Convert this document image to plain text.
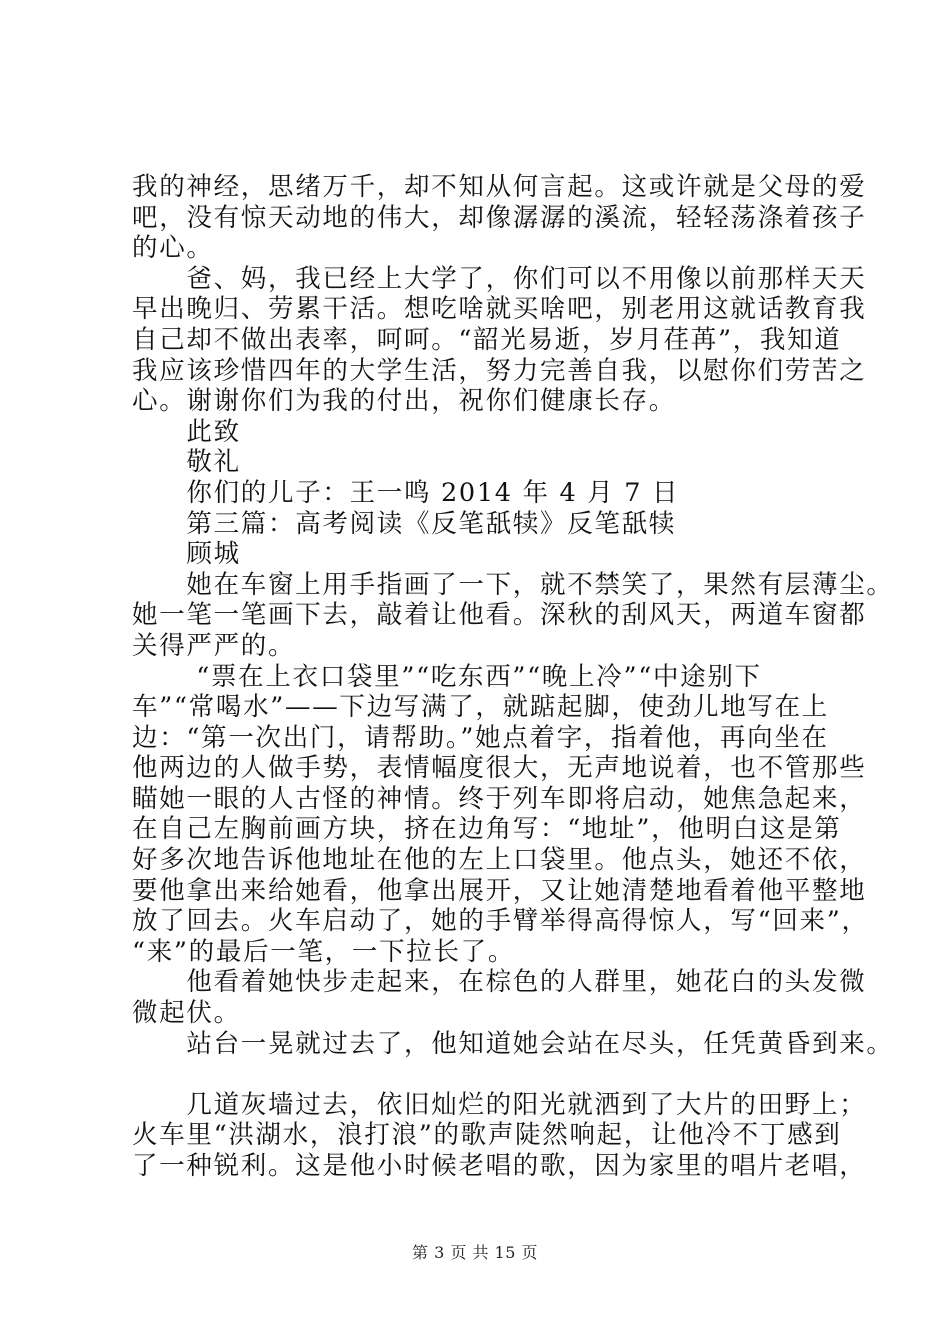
我的神经，思绪万千，却不知从何言起。这或许就是父母的爱
吧，没有惊天动地的伟大，却像潺潺的溪流，轻轻荡涤着孩子
的心。
　　爸、妈，我已经上大学了，你们可以不用像以前那样天天
早出晚归、劳累干活。想吃啥就买啥吧，别老用这就话教育我
自己却不做出表率，呵呵。“韶光易逝，岁月荏苒”，我知道
我应该珍惜四年的大学生活，努力完善自我，以慰你们劳苦之
心。谢谢你们为我的付出，祝你们健康长存。
　　此致
　　敬礼
　　你们的儿子：王一鸣 2014 年 4 月 7 日
　　第三篇：高考阅读《反笔舐犊》反笔舐犊
　　顾城
　　她在车窗上用手指画了一下，就不禁笑了，果然有层薄尘。
她一笔一笔画下去，敲着让他看。深秋的刮风天，两道车窗都
关得严严的。
　　 “票在上衣口袋里”“吃东西”“晚上冷”“中途别下
车”“常喝水”——下边写满了，就踮起脚，使劲儿地写在上
边：“第一次出门，请帮助。”她点着字，指着他，再向坐在
他两边的人做手势，表情幅度很大，无声地说着，也不管那些
瞄她一眼的人古怪的神情。终于列车即将启动，她焦急起来，
在自己左胸前画方块，挤在边角写：“地址”，他明白这是第
好多次地告诉他地址在他的左上口袋里。他点头，她还不依，
要他拿出来给她看，他拿出展开，又让她清楚地看着他平整地
放了回去。火车启动了，她的手臂举得高得惊人，写“回来”，
“来”的最后一笔，一下拉长了。
　　他看着她快步走起来，在棕色的人群里，她花白的头发微
微起伏。
　　站台一晃就过去了，他知道她会站在尽头，任凭黄昏到来。
　　几道灰墙过去，依旧灿烂的阳光就洒到了大片的田野上；
火车里“洪湖水，浪打浪”的歌声陡然响起，让他冷不丁感到
了一种锐利。这是他小时候老唱的歌，因为家里的唱片老唱，
第 3 页 共 15 页
